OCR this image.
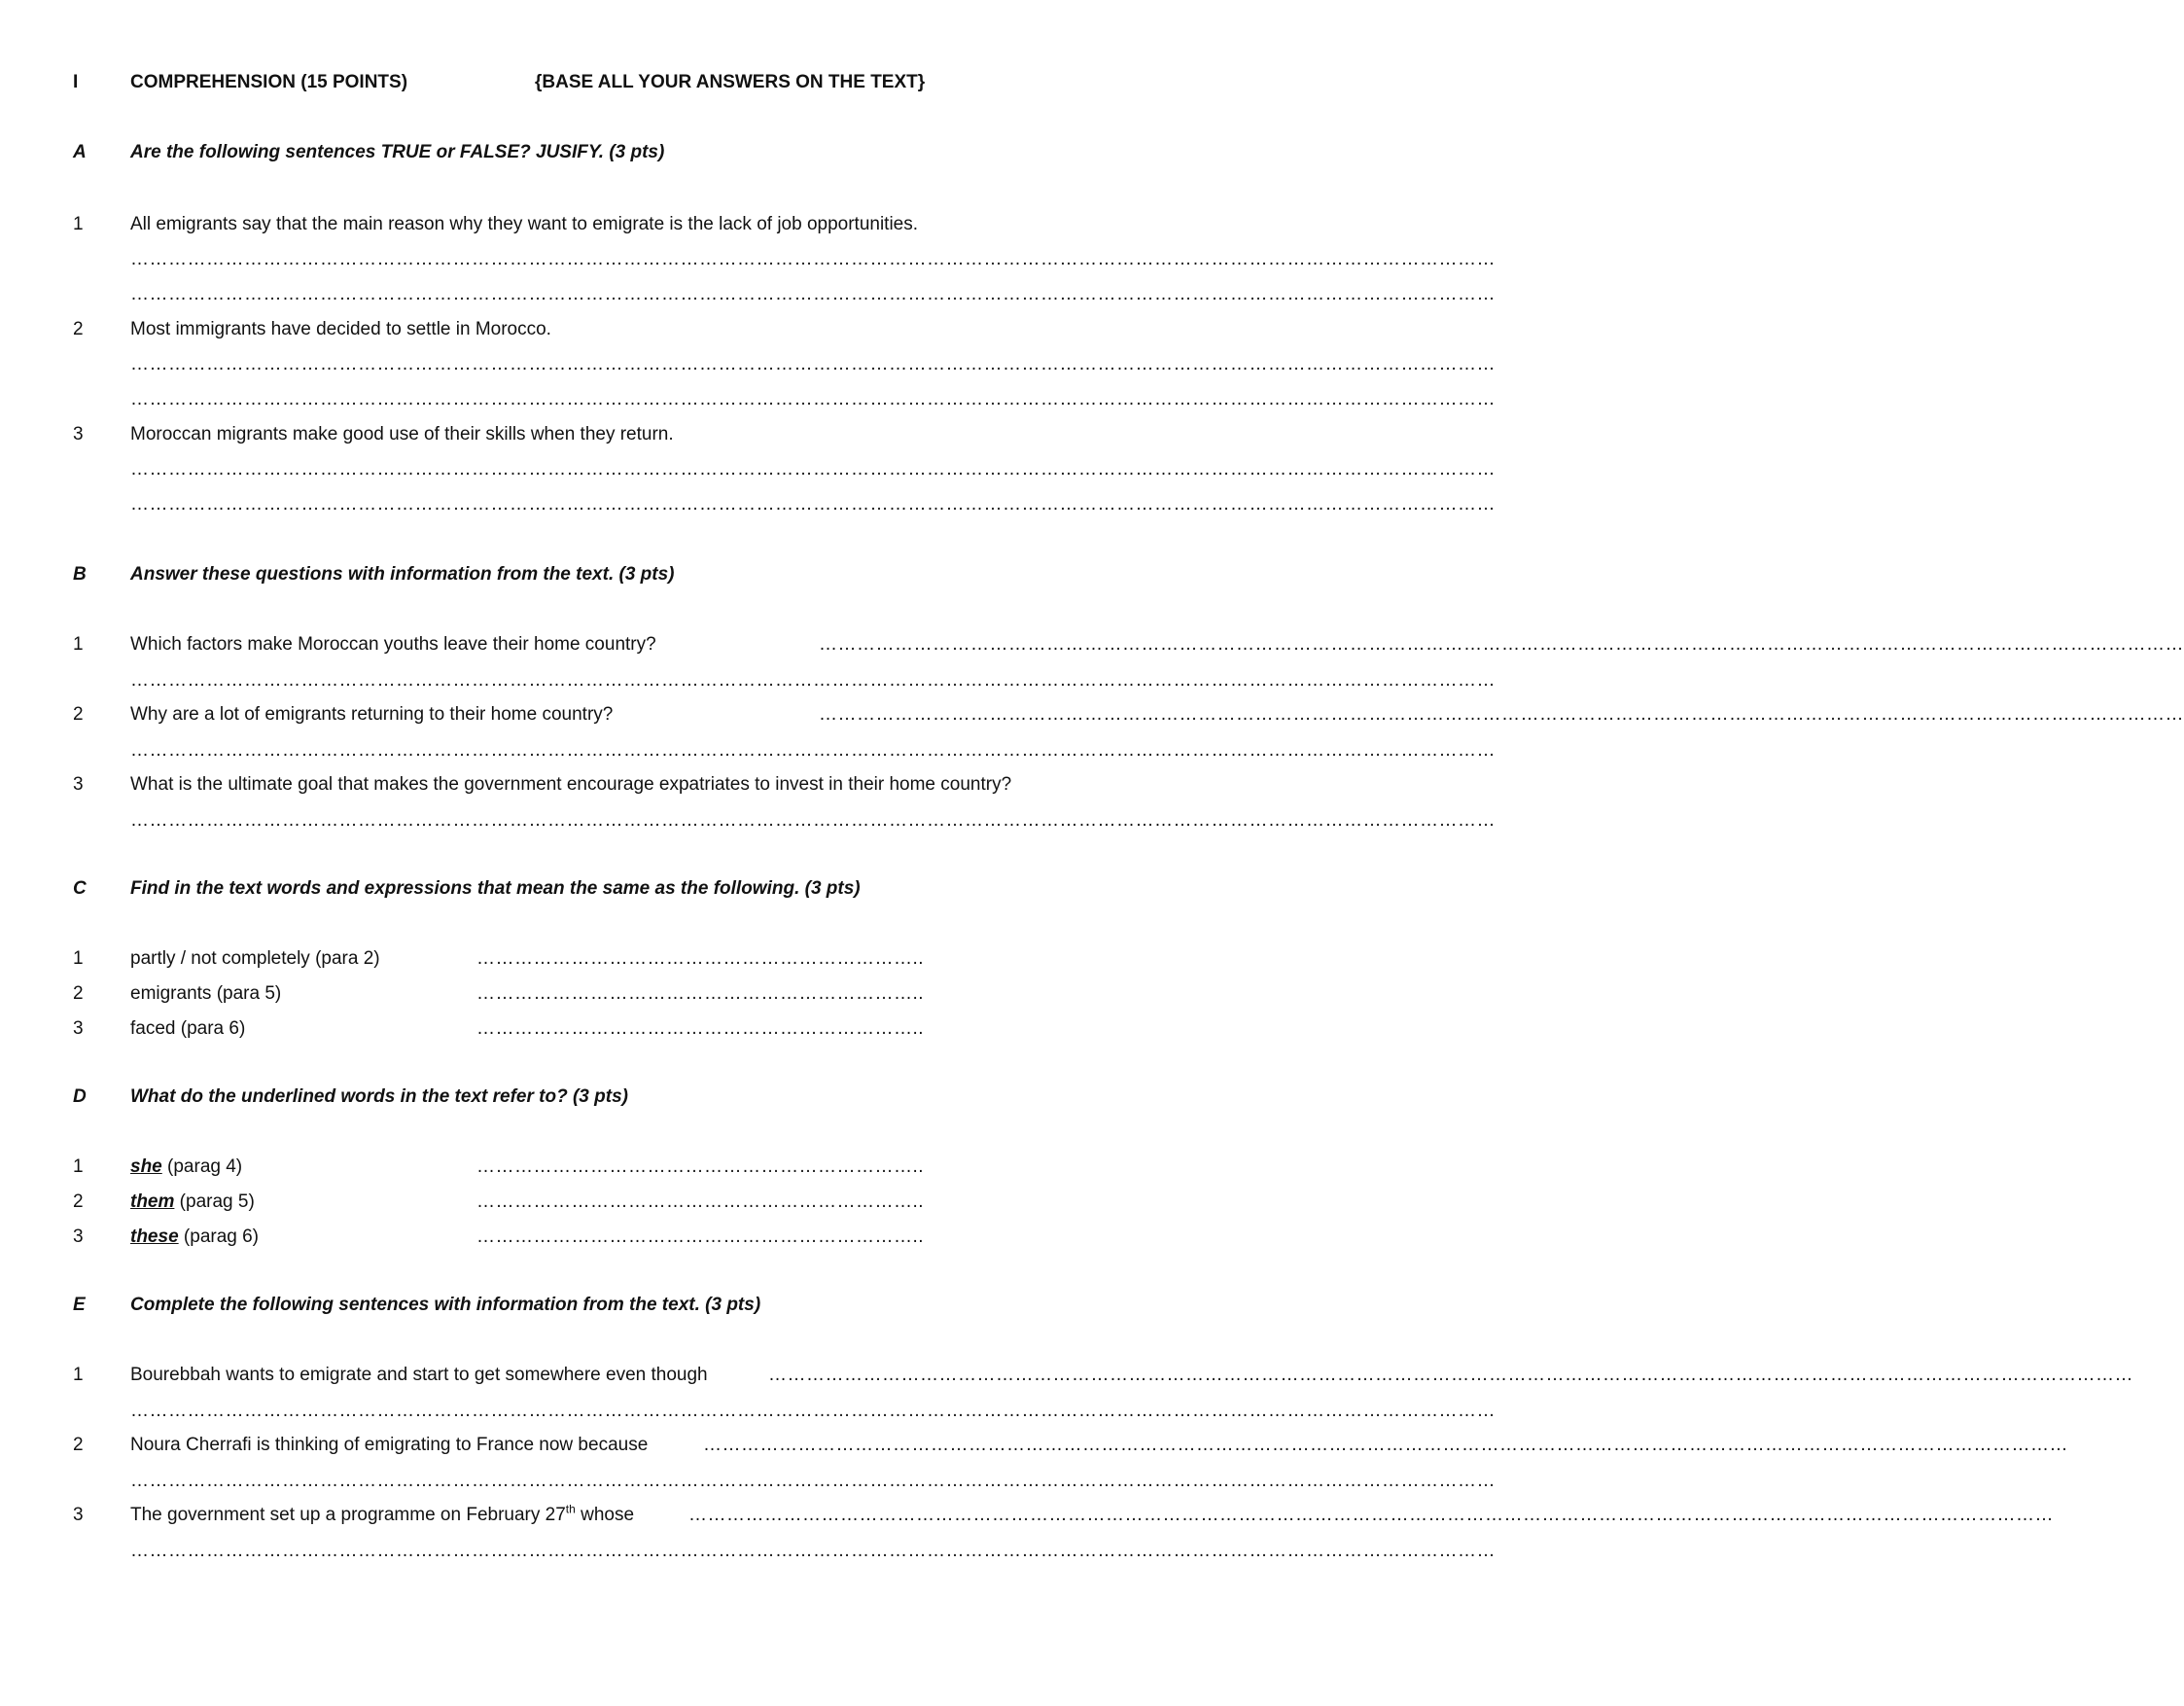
I	COMPREHENSION (15 POINTS)	{BASE ALL YOUR ANSWERS ON THE TEXT}
A Are the following sentences TRUE or FALSE? JUSIFY. (3 pts)
1	All emigrants say that the main reason why they want to emigrate is the lack of job opportunities.
………………………………………………………………………………………………………………………………………………………………………………………………
………………………………………………………………………………………………………………………………………………………………………………………………
2	Most immigrants have decided to settle in Morocco.
………………………………………………………………………………………………………………………………………………………………………………………………
………………………………………………………………………………………………………………………………………………………………………………………………
3	Moroccan migrants make good use of their skills when they return.
………………………………………………………………………………………………………………………………………………………………………………………………
………………………………………………………………………………………………………………………………………………………………………………………………
B Answer these questions with information from the text. (3 pts)
1	Which factors make Moroccan youths leave their home country?	………………………………………………………………………………………………………………………………………………………………………………………………
………………………………………………………………………………………………………………………………………………………………………………………………
2	Why are a lot of emigrants returning to their home country?	………………………………………………………………………………………………………………………………………………………………………………………………
………………………………………………………………………………………………………………………………………………………………………………………………
3	What is the ultimate goal that makes the government encourage expatriates to invest in their home country?
………………………………………………………………………………………………………………………………………………………………………………………………
C Find in the text words and expressions that mean the same as the following. (3 pts)
1	partly / not completely (para 2)	……………………………………………………………..
2	emigrants (para 5)	……………………………………………………………..
3	faced (para 6)	……………………………………………………………..
D What do the underlined words in the text refer to? (3 pts)
1	she (parag 4)	……………………………………………………………..
2	them (parag 5)	……………………………………………………………..
3	these (parag 6)	……………………………………………………………..
E Complete the following sentences with information from the text. (3 pts)
1	Bourebbah wants to emigrate and start to get somewhere even though	………………………………………………………………………………………………………………………………………………………………………………………………
………………………………………………………………………………………………………………………………………………………………………………………………
2	Noura Cherrafi is thinking of emigrating to France now because	………………………………………………………………………………………………………………………………………………………………………………………………
………………………………………………………………………………………………………………………………………………………………………………………………
3	The government set up a programme on February 27th whose	………………………………………………………………………………………………………………………………………………………………………………………………
………………………………………………………………………………………………………………………………………………………………………………………………
